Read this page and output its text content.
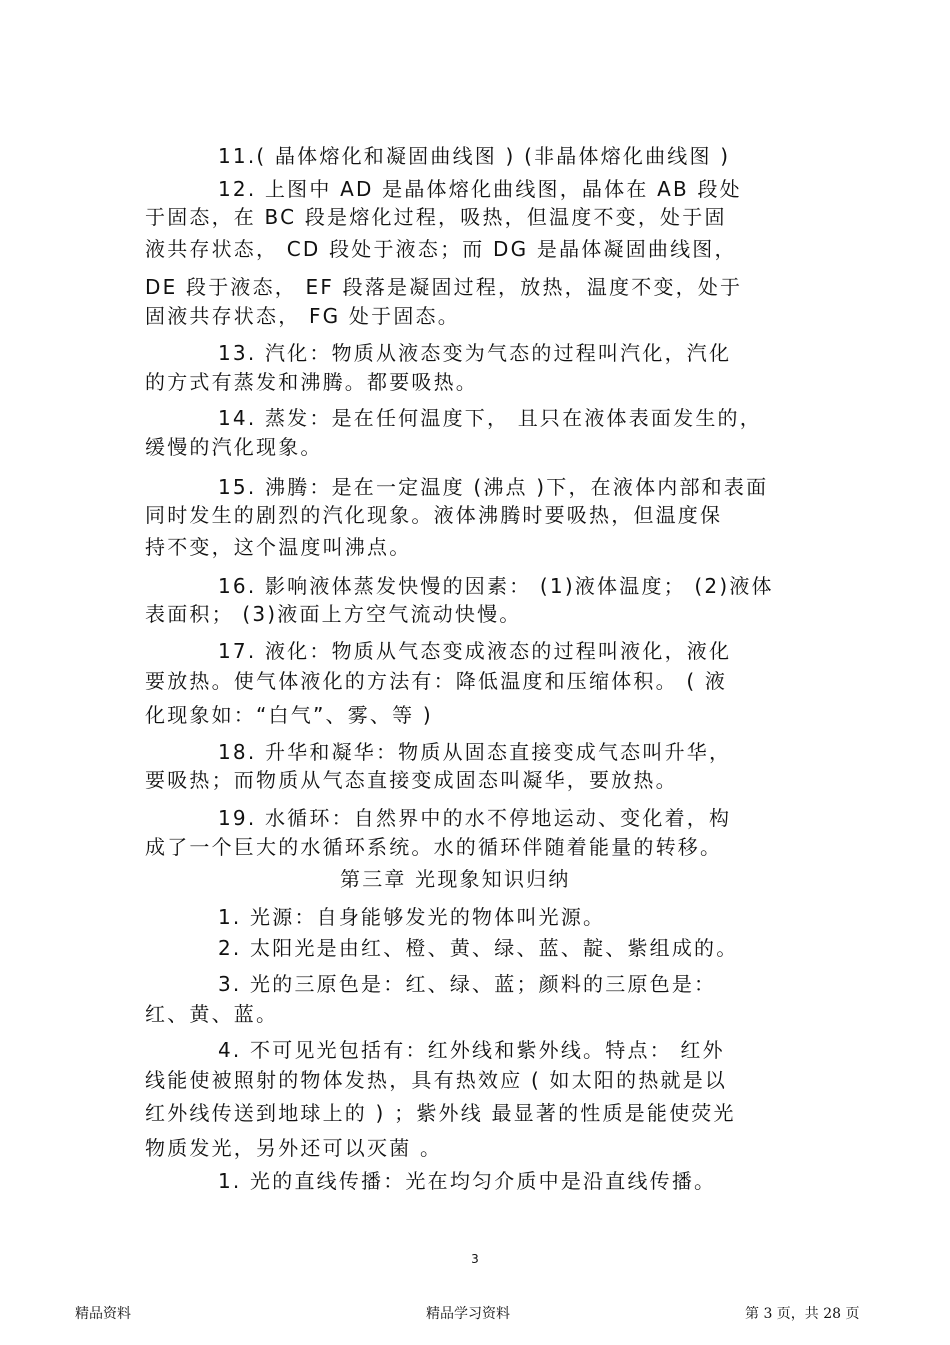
11.( 晶体熔化和凝固曲线图 ) (非晶体熔化曲线图 )

12. 上图中 AD 是晶体熔化曲线图，晶体在 AB 段处

于固态，在 BC 段是熔化过程，吸热，但温度不变，处于固

液共存状态， CD 段处于液态；而 DG 是晶体凝固曲线图，

DE 段于液态， EF 段落是凝固过程，放热，温度不变，处于

固液共存状态， FG 处于固态。

13. 汽化：物质从液态变为气态的过程叫汽化，汽化

的方式有蒸发和沸腾。都要吸热。

14. 蒸发：是在任何温度下， 且只在液体表面发生的，

缓慢的汽化现象。

15. 沸腾：是在一定温度 (沸点 )下，在液体内部和表面

同时发生的剧烈的汽化现象。液体沸腾时要吸热，但温度保

持不变，这个温度叫沸点。

16. 影响液体蒸发快慢的因素： (1)液体温度； (2)液体

表面积； (3)液面上方空气流动快慢。

17. 液化：物质从气态变成液态的过程叫液化，液化

要放热。使气体液化的方法有：降低温度和压缩体积。 ( 液

化现象如：“白气”、雾、等 )

18. 升华和凝华：物质从固态直接变成气态叫升华，

要吸热；而物质从气态直接变成固态叫凝华，要放热。

19. 水循环：自然界中的水不停地运动、变化着，构

成了一个巨大的水循环系统。水的循环伴随着能量的转移。

第三章 光现象知识归纳

1. 光源：自身能够发光的物体叫光源。

2. 太阳光是由红、橙、黄、绿、蓝、靛、紫组成的。

3. 光的三原色是：红、绿、蓝；颜料的三原色是：

红、黄、蓝。

4. 不可见光包括有：红外线和紫外线。特点： 红外

线能使被照射的物体发热，具有热效应 ( 如太阳的热就是以

红外线传送到地球上的 ) ；紫外线 最显著的性质是能使荧光

物质发光，另外还可以灭菌 。

1. 光的直线传播：光在均匀介质中是沿直线传播。

3

精品资料	精品学习资料	第 3 页，共 28 页
